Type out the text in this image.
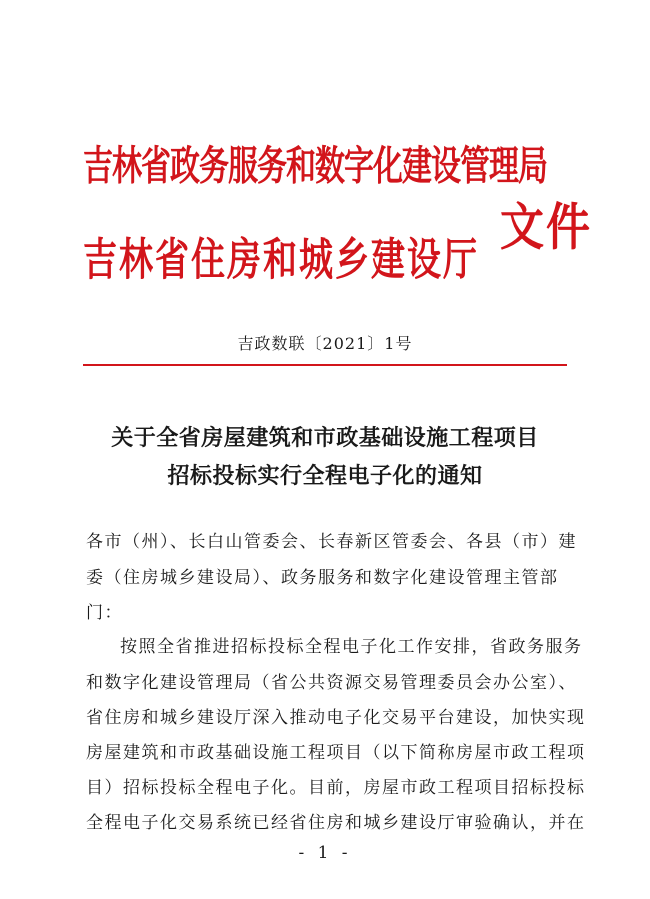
吉林省政务服务和数字化建设管理局
吉林省住房和城乡建设厅
文件
吉政数联〔2021〕1号
关于全省房屋建筑和市政基础设施工程项目
招标投标实行全程电子化的通知
各市（州）、长白山管委会、长春新区管委会、各县（市）建
委（住房城乡建设局）、政务服务和数字化建设管理主管部
门：
按照全省推进招标投标全程电子化工作安排，省政务服务
和数字化建设管理局（省公共资源交易管理委员会办公室）、
省住房和城乡建设厅深入推动电子化交易平台建设，加快实现
房屋建筑和市政基础设施工程项目（以下简称房屋市政工程项
目）招标投标全程电子化。目前，房屋市政工程项目招标投标
全程电子化交易系统已经省住房和城乡建设厅审验确认，并在
- 1 -
